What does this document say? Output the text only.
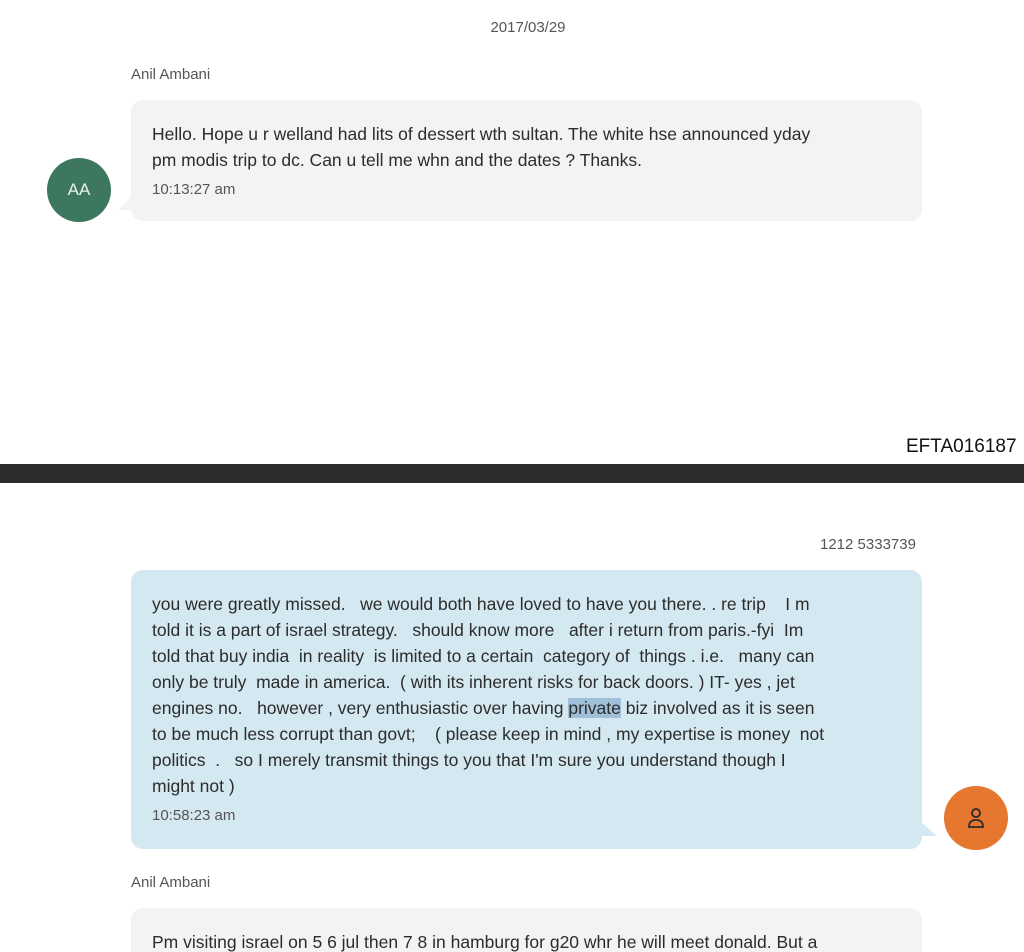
2017/03/29
Anil Ambani
AA
Hello. Hope u r welland had lits of dessert wth sultan. The white hse announced yday
pm modis trip to dc. Can u tell me whn and the dates ? Thanks.
10:13:27 am
EFTA016187
1212 5333739
you were greatly missed.   we would both have loved to have you there. . re trip    I m
told it is a part of israel strategy.   should know more   after i return from paris.-fyi  Im
told that buy india  in reality  is limited to a certain  category of  things . i.e.   many can
only be truly  made in america.  ( with its inherent risks for back doors. ) IT- yes , jet
engines no.   however , very enthusiastic over having private biz involved as it is seen
to be much less corrupt than govt;    ( please keep in mind , my expertise is money  not
politics  .   so I merely transmit things to you that I'm sure you understand though I
might not )
10:58:23 am
Anil Ambani
Pm visiting israel on 5 6 jul then 7 8 in hamburg for g20 whr he will meet donald. But a
